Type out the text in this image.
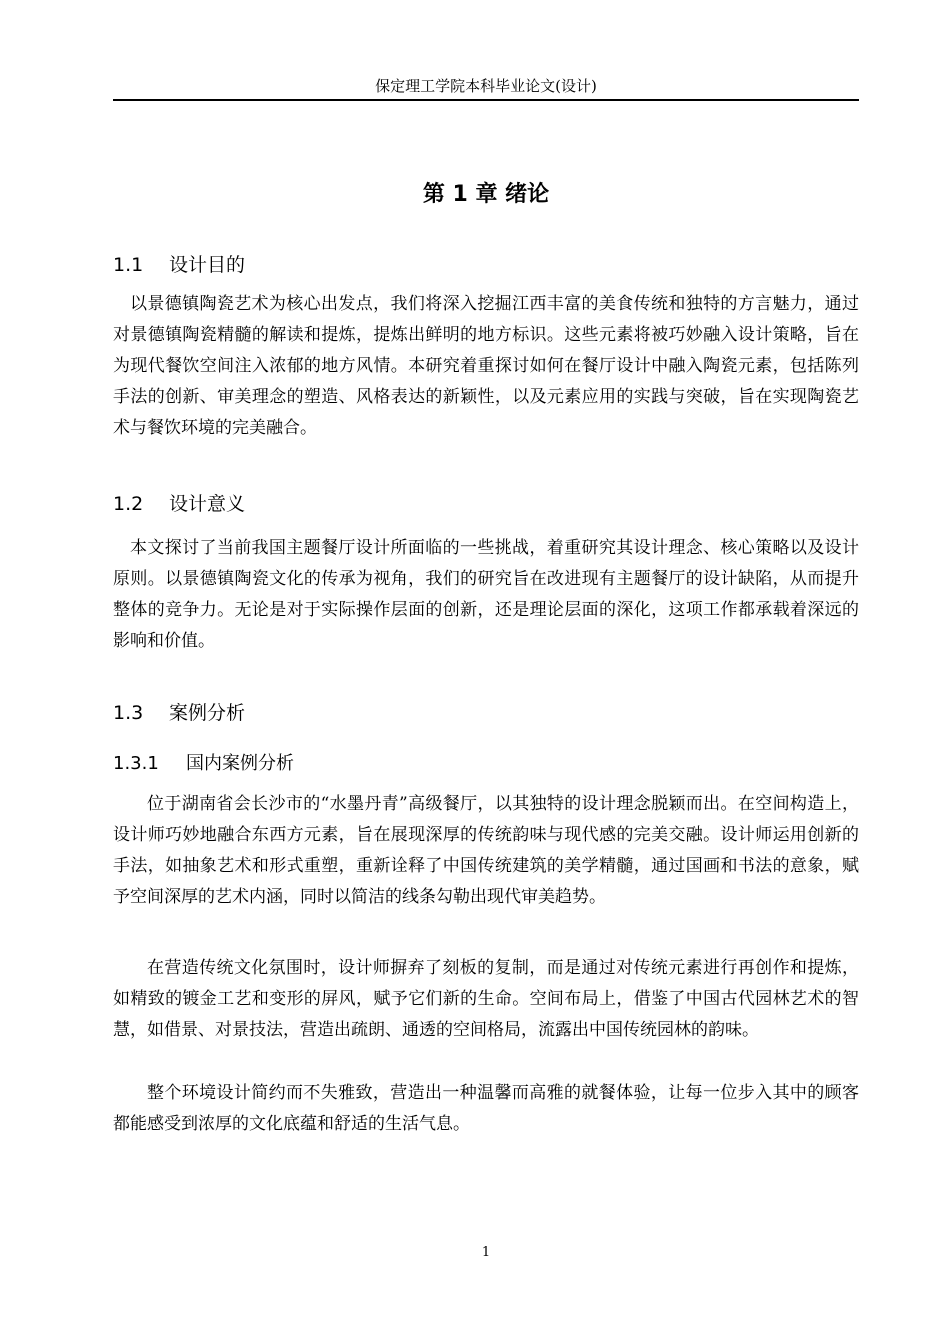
保定理工学院本科毕业论文(设计)
第 1 章 绪论
1.1 设计目的

以景德镇陶瓷艺术为核心出发点，我们将深入挖掘江西丰富的美食传统和独特的方言魅力，通过对景德镇陶瓷精髓的解读和提炼，提炼出鲜明的地方标识。这些元素将被巧妙融入设计策略，旨在为现代餐饮空间注入浓郁的地方风情。本研究着重探讨如何在餐厅设计中融入陶瓷元素，包括陈列手法的创新、审美理念的塑造、风格表达的新颖性，以及元素应用的实践与突破，旨在实现陶瓷艺术与餐饮环境的完美融合。

1.2 设计意义

本文探讨了当前我国主题餐厅设计所面临的一些挑战，着重研究其设计理念、核心策略以及设计原则。以景德镇陶瓷文化的传承为视角，我们的研究旨在改进现有主题餐厅的设计缺陷，从而提升整体的竞争力。无论是对于实际操作层面的创新，还是理论层面的深化，这项工作都承载着深远的影响和价值。

1.3 案例分析
1.3.1 国内案例分析

位于湖南省会长沙市的“水墨丹青”高级餐厅，以其独特的设计理念脱颖而出。在空间构造上，设计师巧妙地融合东西方元素，旨在展现深厚的传统韵味与现代感的完美交融。设计师运用创新的手法，如抽象艺术和形式重塑，重新诠释了中国传统建筑的美学精髓，通过国画和书法的意象，赋予空间深厚的艺术内涵，同时以简洁的线条勾勒出现代审美趋势。

在营造传统文化氛围时，设计师摒弃了刻板的复制，而是通过对传统元素进行再创作和提炼，如精致的镀金工艺和变形的屏风，赋予它们新的生命。空间布局上，借鉴了中国古代园林艺术的智慧，如借景、对景技法，营造出疏朗、通透的空间格局，流露出中国传统园林的韵味。

整个环境设计简约而不失雅致，营造出一种温馨而高雅的就餐体验，让每一位步入其中的顾客都能感受到浓厚的文化底蕴和舒适的生活气息。

1
